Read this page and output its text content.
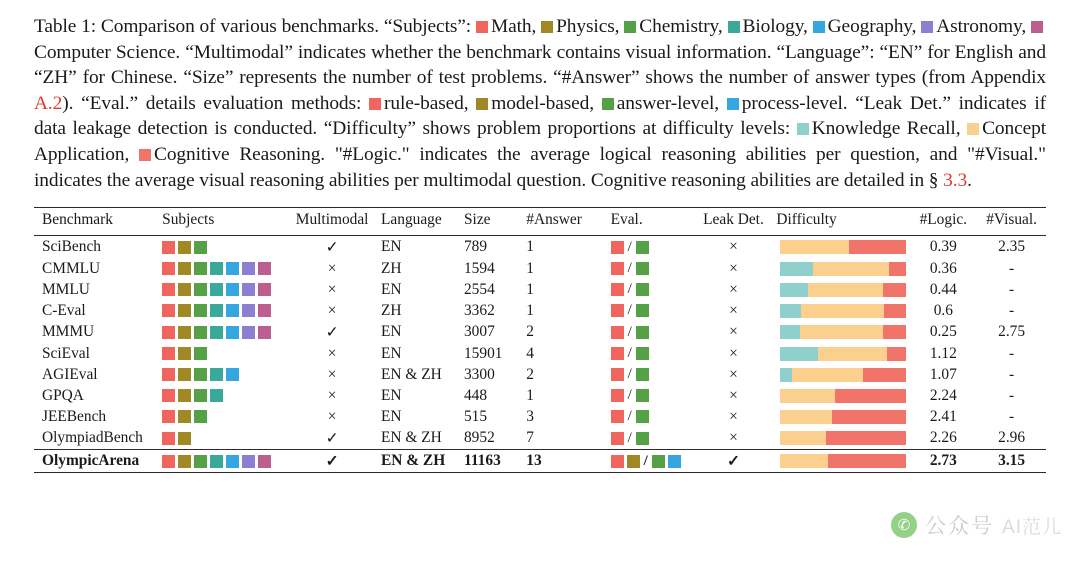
Table 1: Comparison of various benchmarks. “Subjects”: Math, Physics, Chemistry, Biology, Geography, Astronomy, Computer Science. “Multimodal” indicates whether the benchmark contains visual information. “Language”: “EN” for English and “ZH” for Chinese. “Size” represents the number of test problems. “#Answer” shows the number of answer types (from Appendix A.2). “Eval.” details evaluation methods: rule-based, model-based, answer-level, process-level. “Leak Det.” indicates if data leakage detection is conducted. “Difficulty” shows problem proportions at difficulty levels: Knowledge Recall, Concept Application, Cognitive Reasoning. "#Logic." indicates the average logical reasoning abilities per question, and "#Visual." indicates the average visual reasoning abilities per multimodal question. Cognitive reasoning abilities are detailed in § 3.3.
Benchmark	Subjects	Multimodal	Language	Size	#Answer	Eval.	Leak Det.	Difficulty	#Logic.	#Visual.
SciBench		✓	EN	789	1	/	×		0.39	2.35
CMMLU		×	ZH	1594	1	/	×		0.36	-
MMLU		×	EN	2554	1	/	×		0.44	-
C-Eval		×	ZH	3362	1	/	×		0.6	-
MMMU		✓	EN	3007	2	/	×		0.25	2.75
SciEval		×	EN	15901	4	/	×		1.12	-
AGIEval		×	EN & ZH	3300	2	/	×		1.07	-
GPQA		×	EN	448	1	/	×		2.24	-
JEEBench		×	EN	515	3	/	×		2.41	-
OlympiadBench		✓	EN & ZH	8952	7	/	×		2.26	2.96
OlympicArena		✓	EN & ZH	11163	13	/	✓		2.73	3.15
✆ 公众号 AI范儿
